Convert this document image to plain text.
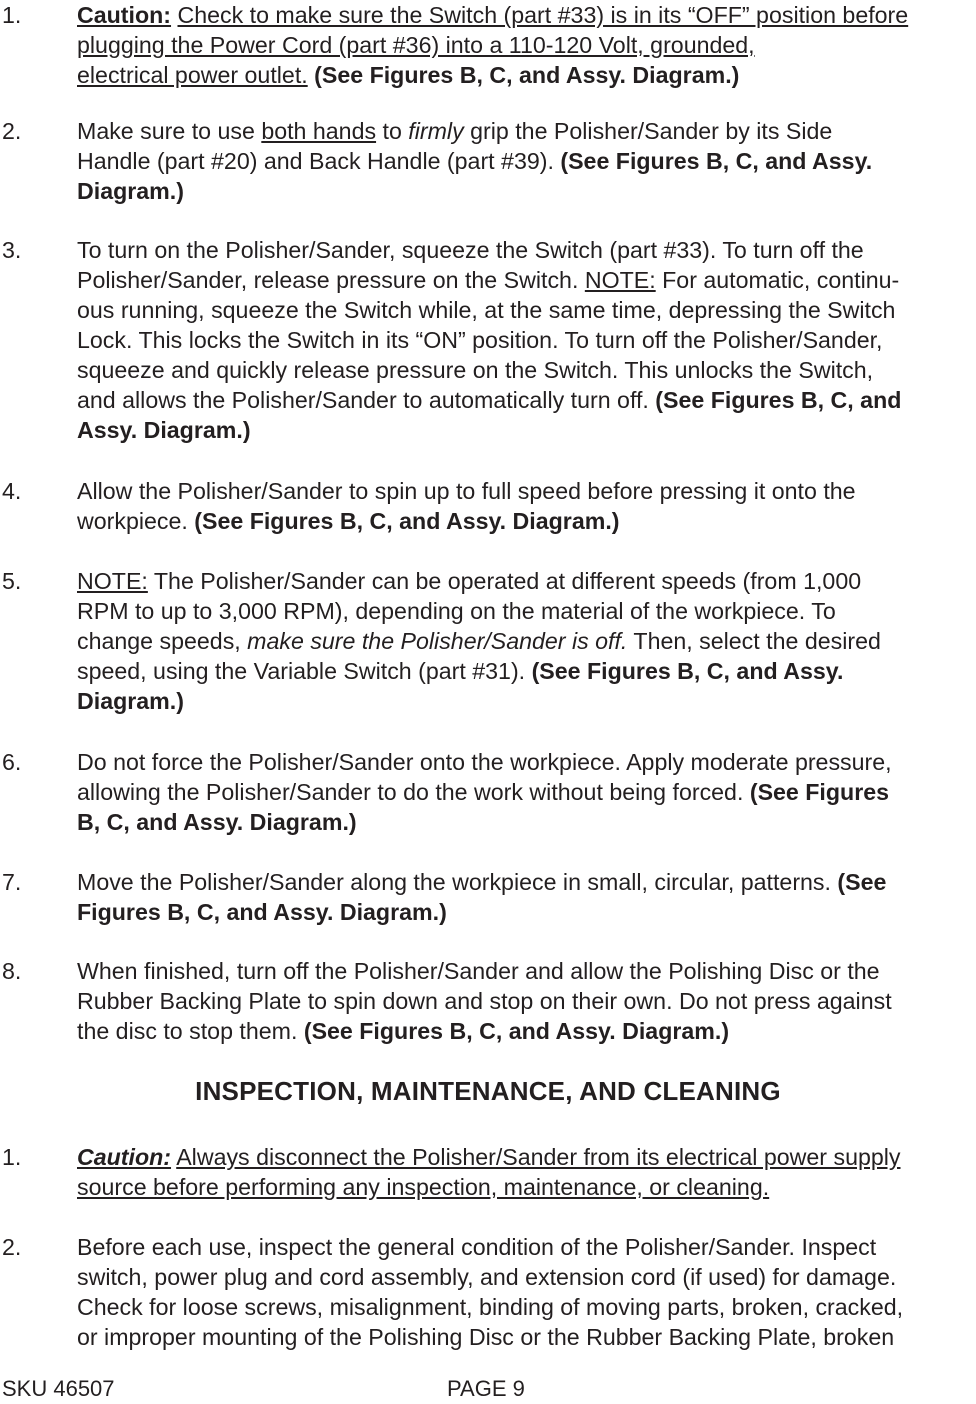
1. Caution: Check to make sure the Switch (part #33) is in its “OFF” position before
plugging the Power Cord (part #36) into a 110-120 Volt, grounded,
electrical power outlet. (See Figures B, C, and Assy. Diagram.)
2. Make sure to use both hands to firmly grip the Polisher/Sander by its Side
Handle (part #20) and Back Handle (part #39). (See Figures B, C, and Assy.
Diagram.)
3. To turn on the Polisher/Sander, squeeze the Switch (part #33). To turn off the
Polisher/Sander, release pressure on the Switch. NOTE: For automatic, continu-
ous running, squeeze the Switch while, at the same time, depressing the Switch
Lock. This locks the Switch in its “ON” position. To turn off the Polisher/Sander,
squeeze and quickly release pressure on the Switch. This unlocks the Switch,
and allows the Polisher/Sander to automatically turn off. (See Figures B, C, and
Assy. Diagram.)
4. Allow the Polisher/Sander to spin up to full speed before pressing it onto the
workpiece. (See Figures B, C, and Assy. Diagram.)
5. NOTE: The Polisher/Sander can be operated at different speeds (from 1,000
RPM to up to 3,000 RPM), depending on the material of the workpiece. To
change speeds, make sure the Polisher/Sander is off. Then, select the desired
speed, using the Variable Switch (part #31). (See Figures B, C, and Assy.
Diagram.)
6. Do not force the Polisher/Sander onto the workpiece. Apply moderate pressure,
allowing the Polisher/Sander to do the work without being forced. (See Figures
B, C, and Assy. Diagram.)
7. Move the Polisher/Sander along the workpiece in small, circular, patterns. (See
Figures B, C, and Assy. Diagram.)
8. When finished, turn off the Polisher/Sander and allow the Polishing Disc or the
Rubber Backing Plate to spin down and stop on their own. Do not press against
the disc to stop them. (See Figures B, C, and Assy. Diagram.)
INSPECTION, MAINTENANCE, AND CLEANING
1. Caution: Always disconnect the Polisher/Sander from its electrical power supply
source before performing any inspection, maintenance, or cleaning.
2. Before each use, inspect the general condition of the Polisher/Sander. Inspect
switch, power plug and cord assembly, and extension cord (if used) for damage.
Check for loose screws, misalignment, binding of moving parts, broken, cracked,
or improper mounting of the Polishing Disc or the Rubber Backing Plate, broken
SKU 46507	PAGE 9
